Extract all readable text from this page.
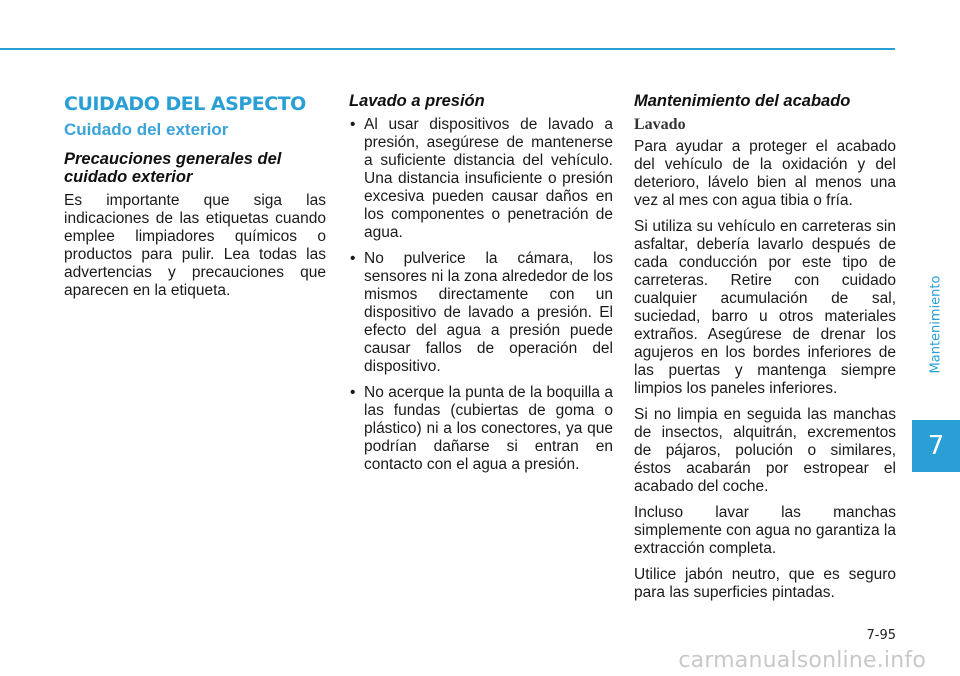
CUIDADO DEL ASPECTO
Cuidado del exterior
Precauciones generales del cuidado exterior

Es importante que siga las indicaciones de las etiquetas cuando emplee limpiadores químicos o productos para pulir. Lea todas las advertencias y precauciones que aparecen en la etiqueta.

Lavado a presión
• Al usar dispositivos de lavado a presión, asegúrese de mantenerse a suficiente distancia del vehículo. Una distancia insuficiente o presión excesiva pueden causar daños en los componentes o penetración de agua.
• No pulverice la cámara, los sensores ni la zona alrededor de los mismos directamente con un dispositivo de lavado a presión. El efecto del agua a presión puede causar fallos de operación del dispositivo.
• No acerque la punta de la boquilla a las fundas (cubiertas de goma o plástico) ni a los conectores, ya que podrían dañarse si entran en contacto con el agua a presión.
Mantenimiento del acabado
Lavado

Para ayudar a proteger el acabado del vehículo de la oxidación y del deterioro, lávelo bien al menos una vez al mes con agua tibia o fría.

Si utiliza su vehículo en carreteras sin asfaltar, debería lavarlo después de cada conducción por este tipo de carreteras. Retire con cuidado cualquier acumulación de sal, suciedad, barro u otros materiales extraños. Asegúrese de drenar los agujeros en los bordes inferiores de las puertas y mantenga siempre limpios los paneles inferiores.

Si no limpia en seguida las manchas de insectos, alquitrán, excrementos de pájaros, polución o similares, éstos acabarán por estropear el acabado del coche.

Incluso lavar las manchas simplemente con agua no garantiza la extracción completa.

Utilice jabón neutro, que es seguro para las superficies pintadas.

Mantenimiento
7
7-95
carmanualsonline.info
